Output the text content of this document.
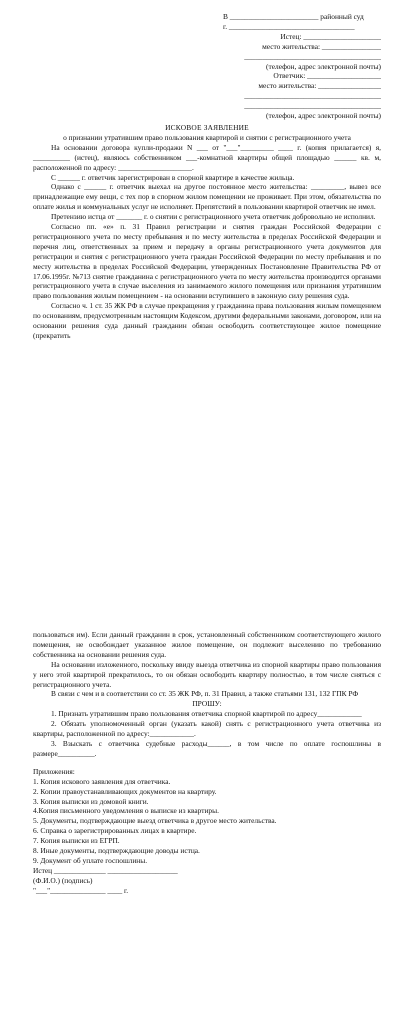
В ________________________ районный суд
г. __________________________________
Истец: _____________________
место жительства: ________________
_____________________________________
(телефон, адрес электронной почты)
Ответчик: ____________________
место жительства: _________________
_____________________________________
_____________________________________
(телефон, адрес электронной почты)
ИСКОВОЕ ЗАЯВЛЕНИЕ
о признании утратившим право пользования квартирой и снятии с регистрационного учета

На основании договора купли-продажи N ___ от "___"_________ ____ г. (копия прилагается) я, __________ (истец), являюсь собственником ___-комнатной квартиры общей площадью ______ кв. м, расположенной по адресу: ____________________.

С ______ г. ответчик зарегистрирован в спорной квартире в качестве жильца.

Однако с ______ г. ответчик выехал на другое постоянное место жительства: _________, вывез все принадлежащие ему вещи, с тех пор в спорном жилом помещении не проживает. При этом, обязательства по оплате жилья и коммунальных услуг не исполняет. Препятствий в пользовании квартирой ответчик не имел.

Претензию истца от _______ г. о снятии с регистрационного учета ответчик добровольно не исполнил.

Согласно пп. «е» п. 31 Правил регистрации и снятия граждан Российской Федерации с регистрационного учета по месту пребывания и по месту жительства в пределах Российской Федерации и перечня лиц, ответственных за прием и передачу в органы регистрационного учета документов для регистрации и снятия с регистрационного учета граждан Российской Федерации по месту пребывания и по месту жительства в пределах Российской Федерации, утвержденных Постановление Правительства РФ от 17.06.1995г. №713 снятие гражданина с регистрационного учета по месту жительства производится органами регистрационного учета в случае выселения из занимаемого жилого помещения или признания утратившим право пользования жилым помещением - на основании вступившего в законную силу решения суда.

Согласно ч. 1 ст. 35 ЖК РФ в случае прекращения у гражданина права пользования жилым помещением по основаниям, предусмотренным настоящим Кодексом, другими федеральными законами, договором, или на основании решения суда данный гражданин обязан освободить соответствующее жилое помещение (прекратить

пользоваться им). Если данный гражданин в срок, установленный собственником соответствующего жилого помещения, не освобождает указанное жилое помещение, он подлежит выселению по требованию собственника на основании решения суда.

На основании изложенного, поскольку ввиду выезда ответчика из спорной квартиры право пользования у него этой квартирой прекратилось, то он обязан освободить квартиру полностью, в том числе сняться с регистрационного учета.

В связи с чем и в соответствии со ст. 35 ЖК РФ, п. 31 Правил, а также статьями 131, 132 ГПК РФ

ПРОШУ:

1. Признать утратившим право пользования ответчика спорной квартирой по адресу____________

2. Обязать уполномоченный орган (указать какой) снять с регистрационного учета ответчика из квартиры, расположенной по адресу:____________.

3. Взыскать с ответчика судебные расходы______, в том числе по оплате госпошлины в размере__________.

Приложения:
1. Копия искового заявления для ответчика.
2. Копии правоустанавливающих документов на квартиру.
3. Копия выписки из домовой книги.
4.Копия письменного уведомления о выписке из квартиры.
5. Документы, подтверждающие выезд ответчика в другое место жительства.
6. Справка о зарегистрированных лицах в квартире.
7. Копия выписки из ЕГРП.
8. Иные документы, подтверждающие доводы истца.
9. Документ об уплате госпошлины.
Истец ______________ ___________________
(Ф.И.О.) (подпись)
"___"_______________ ____ г.
